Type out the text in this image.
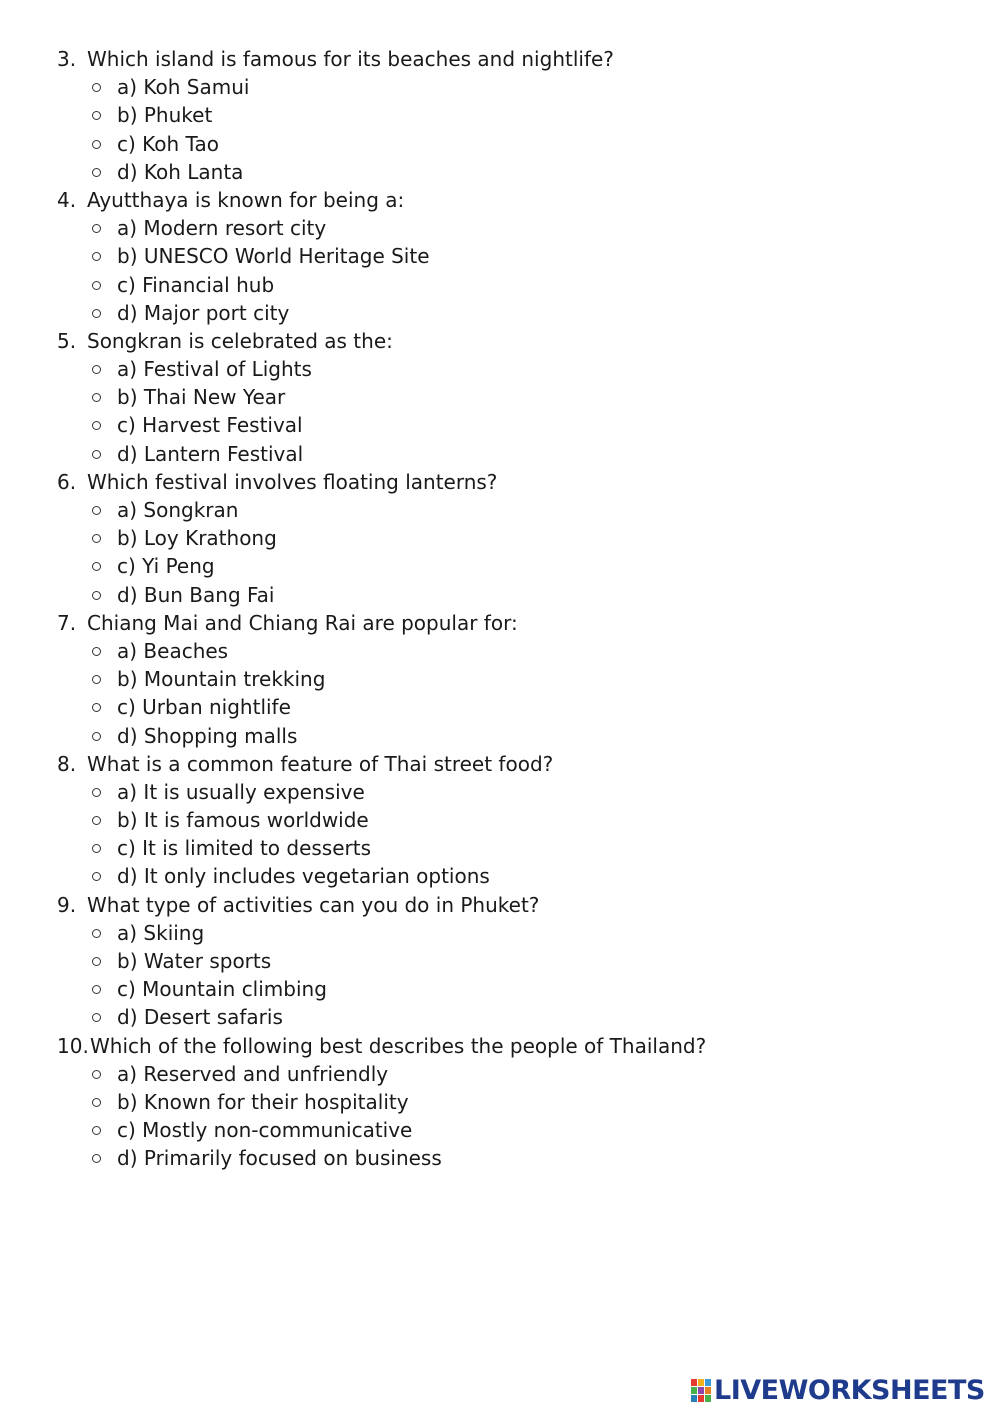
3. Which island is famous for its beaches and nightlife?
a) Koh Samui
b) Phuket
c) Koh Tao
d) Koh Lanta
4. Ayutthaya is known for being a:
a) Modern resort city
b) UNESCO World Heritage Site
c) Financial hub
d) Major port city
5. Songkran is celebrated as the:
a) Festival of Lights
b) Thai New Year
c) Harvest Festival
d) Lantern Festival
6. Which festival involves floating lanterns?
a) Songkran
b) Loy Krathong
c) Yi Peng
d) Bun Bang Fai
7. Chiang Mai and Chiang Rai are popular for:
a) Beaches
b) Mountain trekking
c) Urban nightlife
d) Shopping malls
8. What is a common feature of Thai street food?
a) It is usually expensive
b) It is famous worldwide
c) It is limited to desserts
d) It only includes vegetarian options
9. What type of activities can you do in Phuket?
a) Skiing
b) Water sports
c) Mountain climbing
d) Desert safaris
10. Which of the following best describes the people of Thailand?
a) Reserved and unfriendly
b) Known for their hospitality
c) Mostly non-communicative
d) Primarily focused on business
LIVEWORKSHEETS
